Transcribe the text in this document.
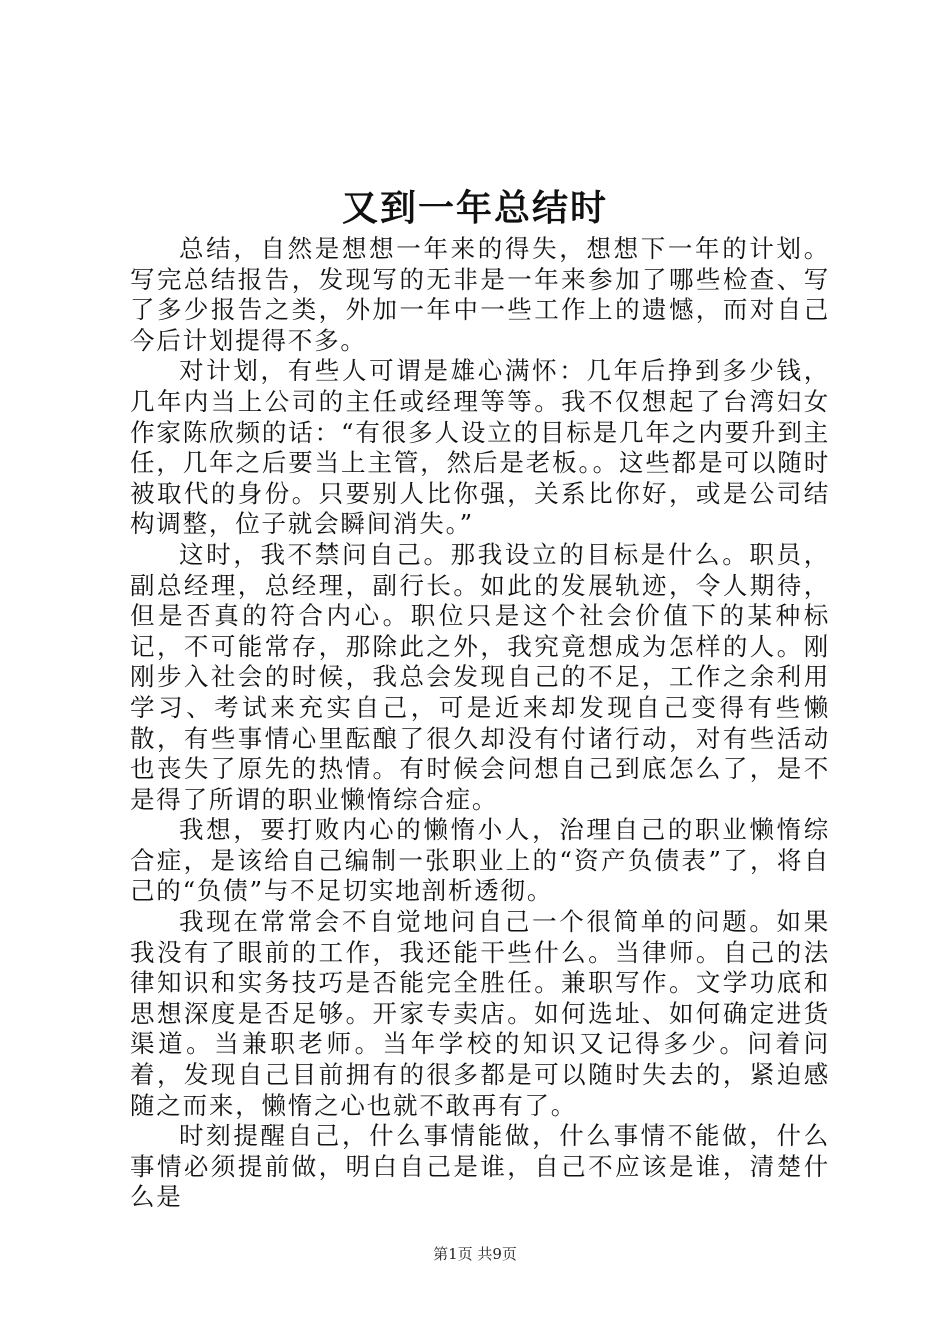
又到一年总结时

总结，自然是想想一年来的得失，想想下一年的计划。写完总结报告，发现写的无非是一年来参加了哪些检查、写了多少报告之类，外加一年中一些工作上的遗憾，而对自己今后计划提得不多。

对计划，有些人可谓是雄心满怀：几年后挣到多少钱，几年内当上公司的主任或经理等等。我不仅想起了台湾妇女作家陈欣频的话：“有很多人设立的目标是几年之内要升到主任，几年之后要当上主管，然后是老板。。这些都是可以随时被取代的身份。只要别人比你强，关系比你好，或是公司结构调整，位子就会瞬间消失。”

这时，我不禁问自己。那我设立的目标是什么。职员，副总经理，总经理，副行长。如此的发展轨迹，令人期待，但是否真的符合内心。职位只是这个社会价值下的某种标记，不可能常存，那除此之外，我究竟想成为怎样的人。刚刚步入社会的时候，我总会发现自己的不足，工作之余利用学习、考试来充实自己，可是近来却发现自己变得有些懒散，有些事情心里酝酿了很久却没有付诸行动，对有些活动也丧失了原先的热情。有时候会问想自己到底怎么了，是不是得了所谓的职业懒惰综合症。

我想，要打败内心的懒惰小人，治理自己的职业懒惰综合症，是该给自己编制一张职业上的“资产负债表”了，将自己的“负债”与不足切实地剖析透彻。

我现在常常会不自觉地问自己一个很简单的问题。如果我没有了眼前的工作，我还能干些什么。当律师。自己的法律知识和实务技巧是否能完全胜任。兼职写作。文学功底和思想深度是否足够。开家专卖店。如何选址、如何确定进货渠道。当兼职老师。当年学校的知识又记得多少。问着问着，发现自己目前拥有的很多都是可以随时失去的，紧迫感随之而来，懒惰之心也就不敢再有了。

时刻提醒自己，什么事情能做，什么事情不能做，什么事情必须提前做，明白自己是谁，自己不应该是谁，清楚什么是

第1页 共9页
